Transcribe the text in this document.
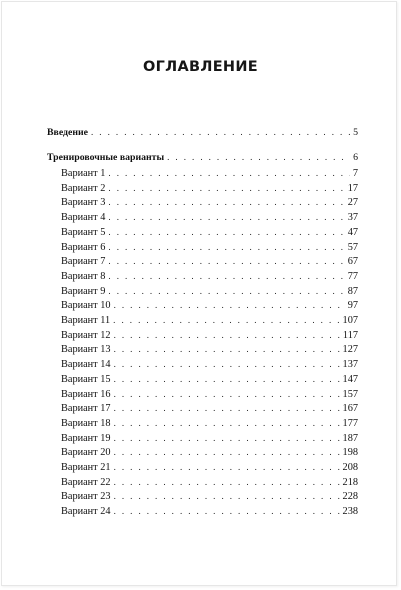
ОГЛАВЛЕНИЕ
Введение . . .	5
Тренировочные варианты . . .	6
Вариант 1 . . .	7
Вариант 2 . . .	17
Вариант 3 . . .	27
Вариант 4 . . .	37
Вариант 5 . . .	47
Вариант 6 . . .	57
Вариант 7 . . .	67
Вариант 8 . . .	77
Вариант 9 . . .	87
Вариант 10 . . .	97
Вариант 11 . . .	107
Вариант 12 . . .	117
Вариант 13 . . .	127
Вариант 14 . . .	137
Вариант 15 . . .	147
Вариант 16 . . .	157
Вариант 17 . . .	167
Вариант 18 . . .	177
Вариант 19 . . .	187
Вариант 20 . . .	198
Вариант 21 . . .	208
Вариант 22 . . .	218
Вариант 23 . . .	228
Вариант 24 . . .	238
